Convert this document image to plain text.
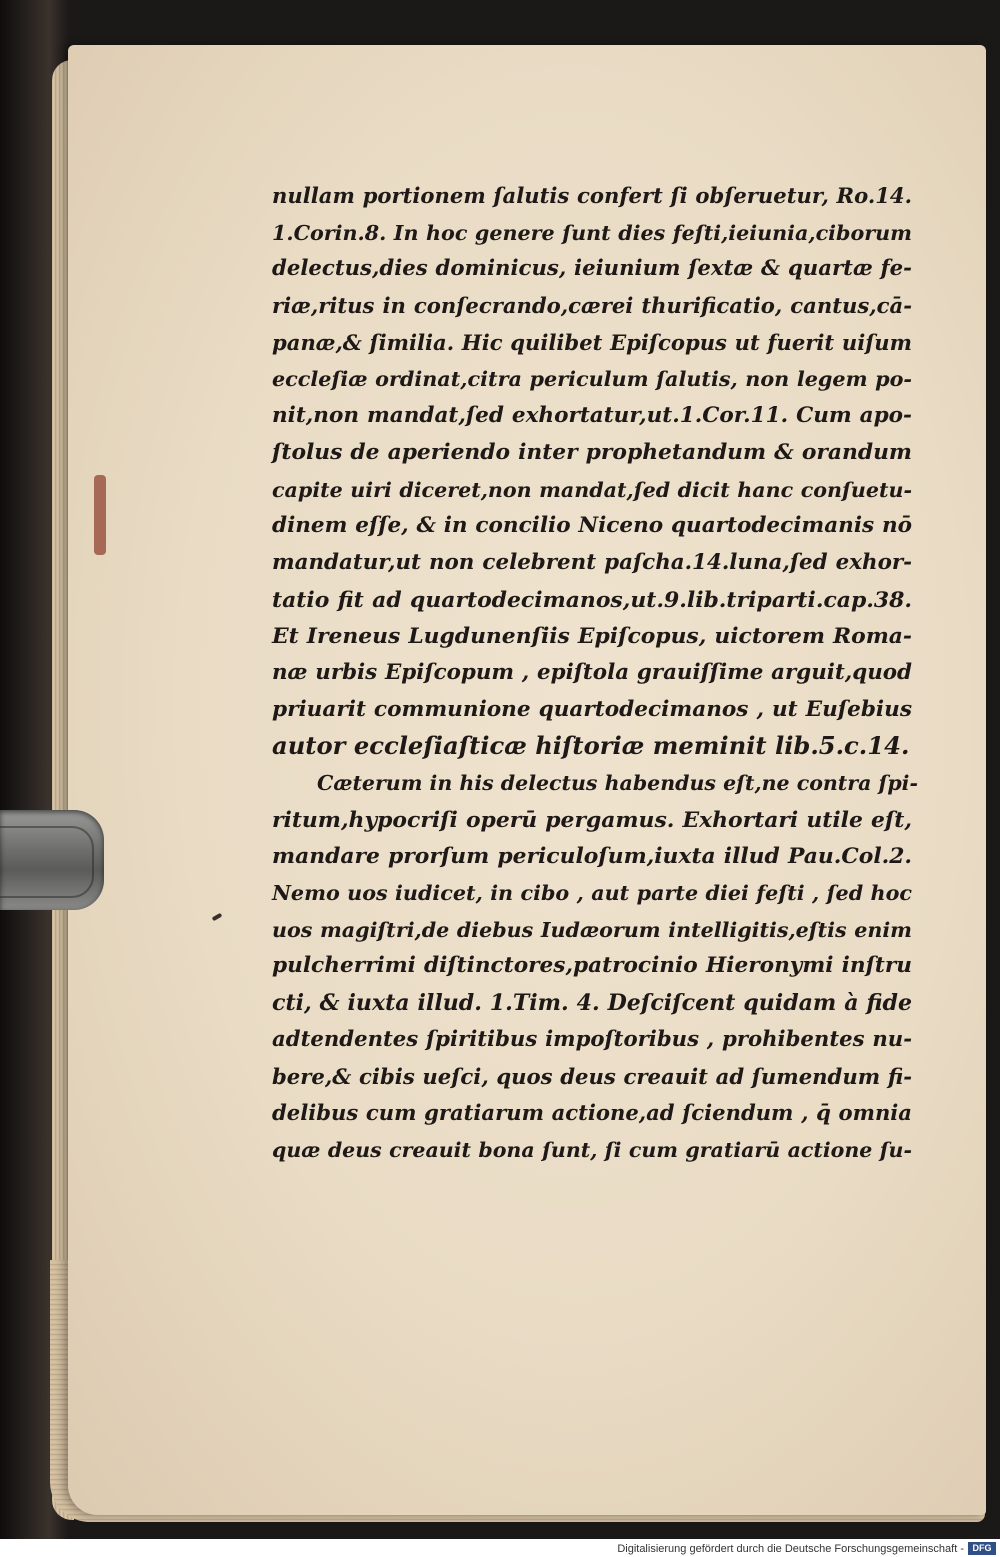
nullam portionem ſalutis confert ſi obſeruetur, Ro.14.
1.Corin.8. In hoc genere ſunt dies feſti,ieiunia,ciborum
delectus,dies dominicus, ieiunium ſextæ & quartæ fe-
riæ,ritus in conſecrando,cærei thurificatio, cantus,cā-
panæ,& ſimilia. Hic quilibet Epiſcopus ut fuerit uiſum
eccleſiæ ordinat,citra periculum ſalutis, non legem po-
nit,non mandat,ſed exhortatur,ut.1.Cor.11. Cum apo-
ſtolus de aperiendo inter prophetandum & orandum
capite uiri diceret,non mandat,ſed dicit hanc conſuetu-
dinem eſſe, & in concilio Niceno quartodecimanis nō
mandatur,ut non celebrent paſcha.14.luna,ſed exhor-
tatio fit ad quartodecimanos,ut.9.lib.triparti.cap.38.
Et Ireneus Lugdunenſiis Epiſcopus, uictorem Roma-
næ urbis Epiſcopum , epiſtola grauiſſime arguit,quod
priuarit communione quartodecimanos , ut Euſebius
autor eccleſiaſticæ hiſtoriæ meminit lib.5.c.14.
Cæterum in his delectus habendus eſt,ne contra ſpi-
ritum,hypocriſi operū pergamus. Exhortari utile eſt,
mandare prorſum periculoſum,iuxta illud Pau.Col.2.
Nemo uos iudicet, in cibo , aut parte diei feſti , ſed hoc
uos magiſtri,de diebus Iudæorum intelligitis,eſtis enim
pulcherrimi diſtinctores,patrocinio Hieronymi inſtru
cti, & iuxta illud. 1.Tim. 4. Deſciſcent quidam à fide
adtendentes ſpiritibus impoſtoribus , prohibentes nu-
bere,& cibis ueſci, quos deus creauit ad ſumendum fi-
delibus cum gratiarum actione,ad ſciendum , q̄ omnia
quæ deus creauit bona ſunt, ſi cum gratiarū actione ſu-
Digitalisierung gefördert durch die Deutsche Forschungsgemeinschaft - DFG
